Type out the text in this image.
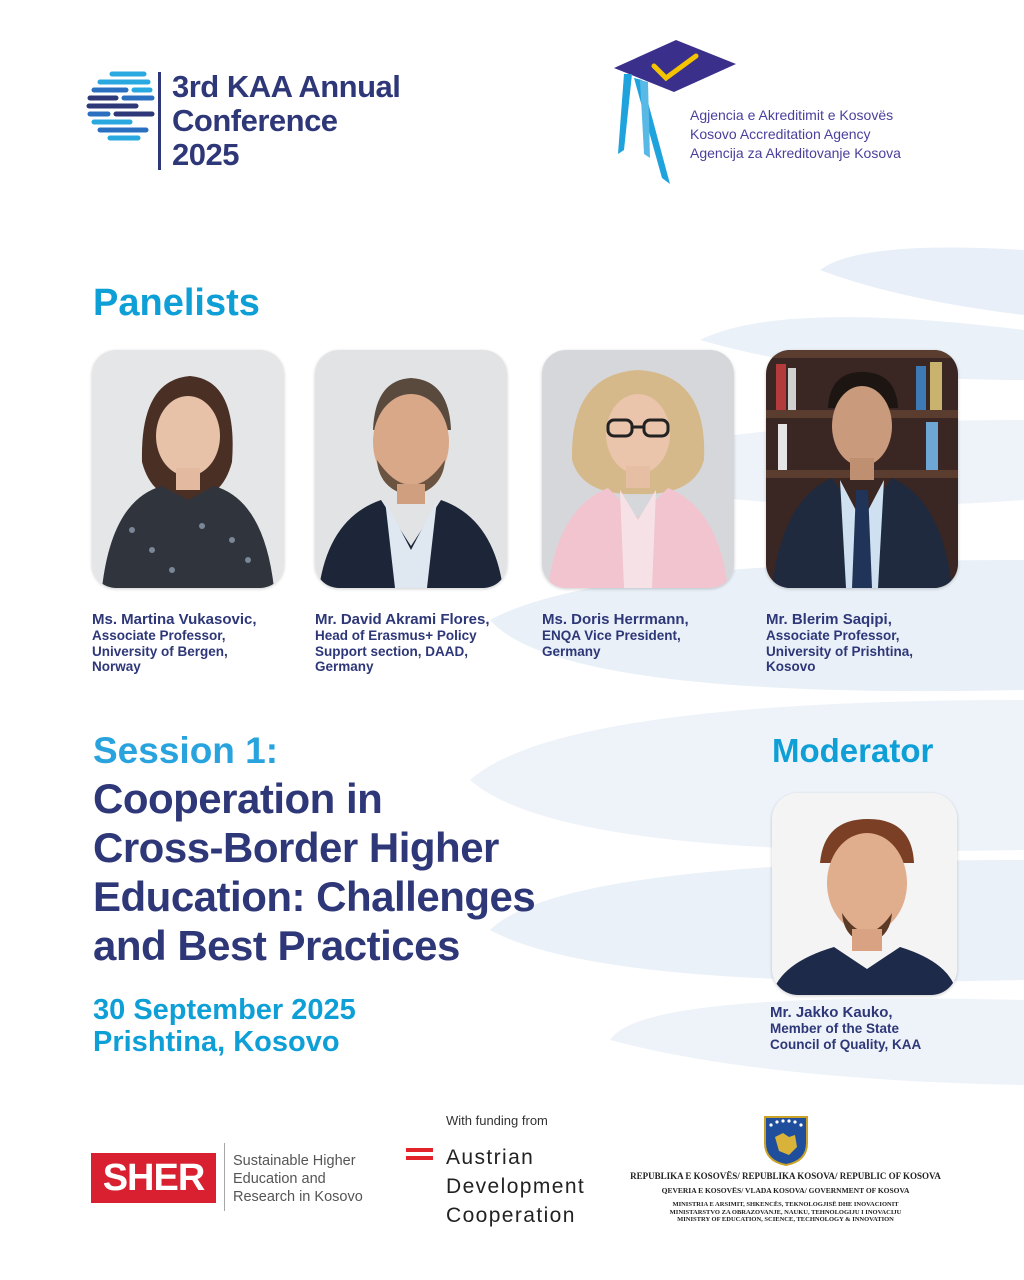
3rd KAA Annual
Conference
2025
Agjencia e Akreditimit e Kosovës
Kosovo Accreditation Agency
Agencija za Akreditovanje Kosova
Panelists
Ms. Martina Vukasovic,
Associate Professor,
University of Bergen,
Norway
Mr. David Akrami Flores,
Head of Erasmus+ Policy
Support section, DAAD,
Germany
Ms. Doris Herrmann,
ENQA Vice President,
Germany
Mr. Blerim Saqipi,
Associate Professor,
University of Prishtina,
Kosovo
Session 1:
Cooperation in
Cross-Border Higher
Education: Challenges
and Best Practices
30 September 2025
Prishtina, Kosovo
Moderator
Mr. Jakko Kauko,
Member of the State
Council of Quality, KAA
SHER	Sustainable Higher
Education and
Research in Kosovo
With funding from
Austrian
Development
Cooperation
REPUBLIKA E KOSOVËS/ REPUBLIKA KOSOVA/ REPUBLIC OF KOSOVA
QEVERIA E KOSOVËS/ VLADA KOSOVA/ GOVERNMENT OF KOSOVA
MINISTRIA E ARSIMIT, SHKENCËS, TEKNOLOGJISË DHE INOVACIONIT
MINISTARSTVO ZA OBRAZOVANJE, NAUKU, TEHNOLOGIJU I INOVACIJU
MINISTRY OF EDUCATION, SCIENCE, TECHNOLOGY & INNOVATION
